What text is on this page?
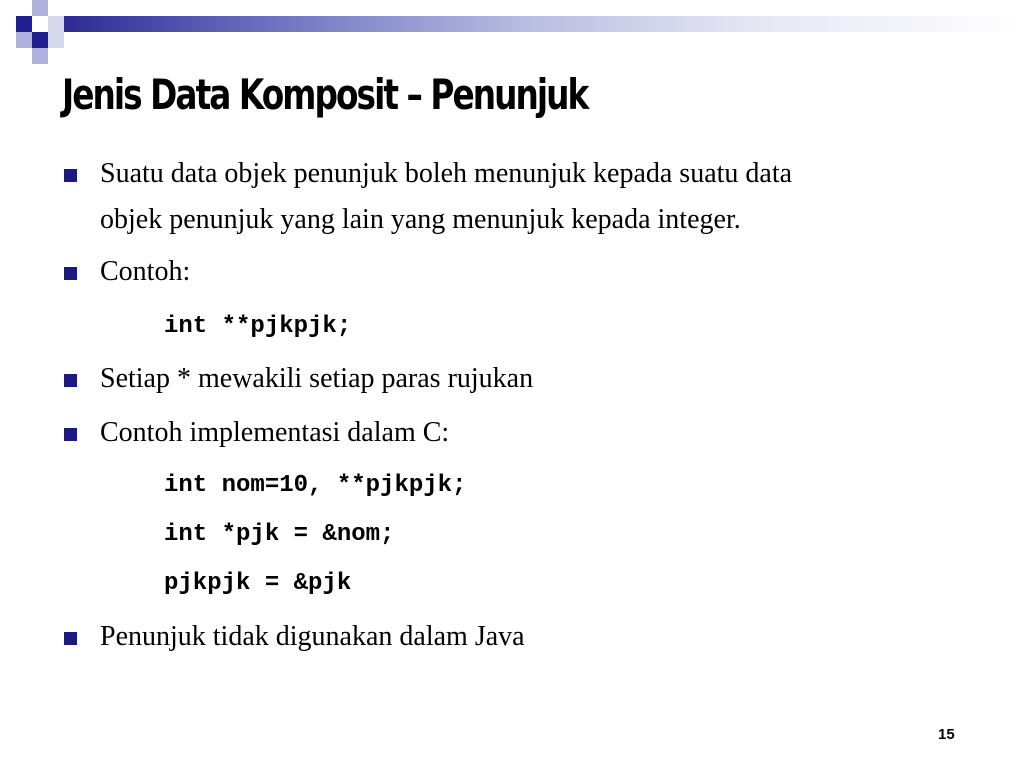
Jenis Data Komposit – Penunjuk
Suatu data objek penunjuk boleh menunjuk kepada suatu data
objek penunjuk yang lain yang menunjuk kepada integer.
Contoh:
int **pjkpjk;
Setiap * mewakili setiap paras rujukan
Contoh implementasi dalam C:
int nom=10, **pjkpjk;
int *pjk = &nom;
pjkpjk = &pjk
Penunjuk tidak digunakan dalam Java
15
